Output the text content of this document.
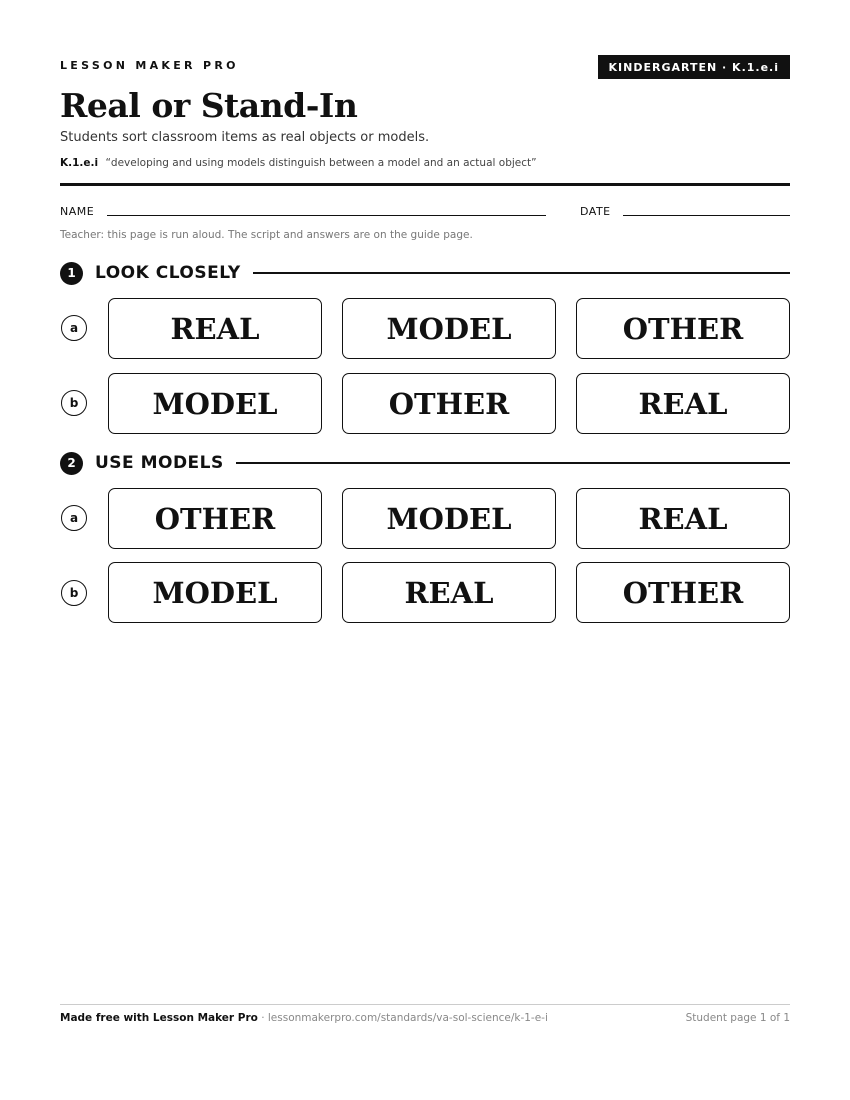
LESSON MAKER PRO	KINDERGARTEN · K.1.e.i
Real or Stand-In
Students sort classroom items as real objects or models.
K.1.e.i “developing and using models distinguish between a model and an actual object”
NAME	DATE
Teacher: this page is run aloud. The script and answers are on the guide page.
1	LOOK CLOSELY
a	REAL	MODEL	OTHER
b	MODEL	OTHER	REAL
2	USE MODELS
a	OTHER	MODEL	REAL
b	MODEL	REAL	OTHER
Made free with Lesson Maker Pro · lessonmakerpro.com/standards/va-sol-science/k-1-e-i	Student page 1 of 1
